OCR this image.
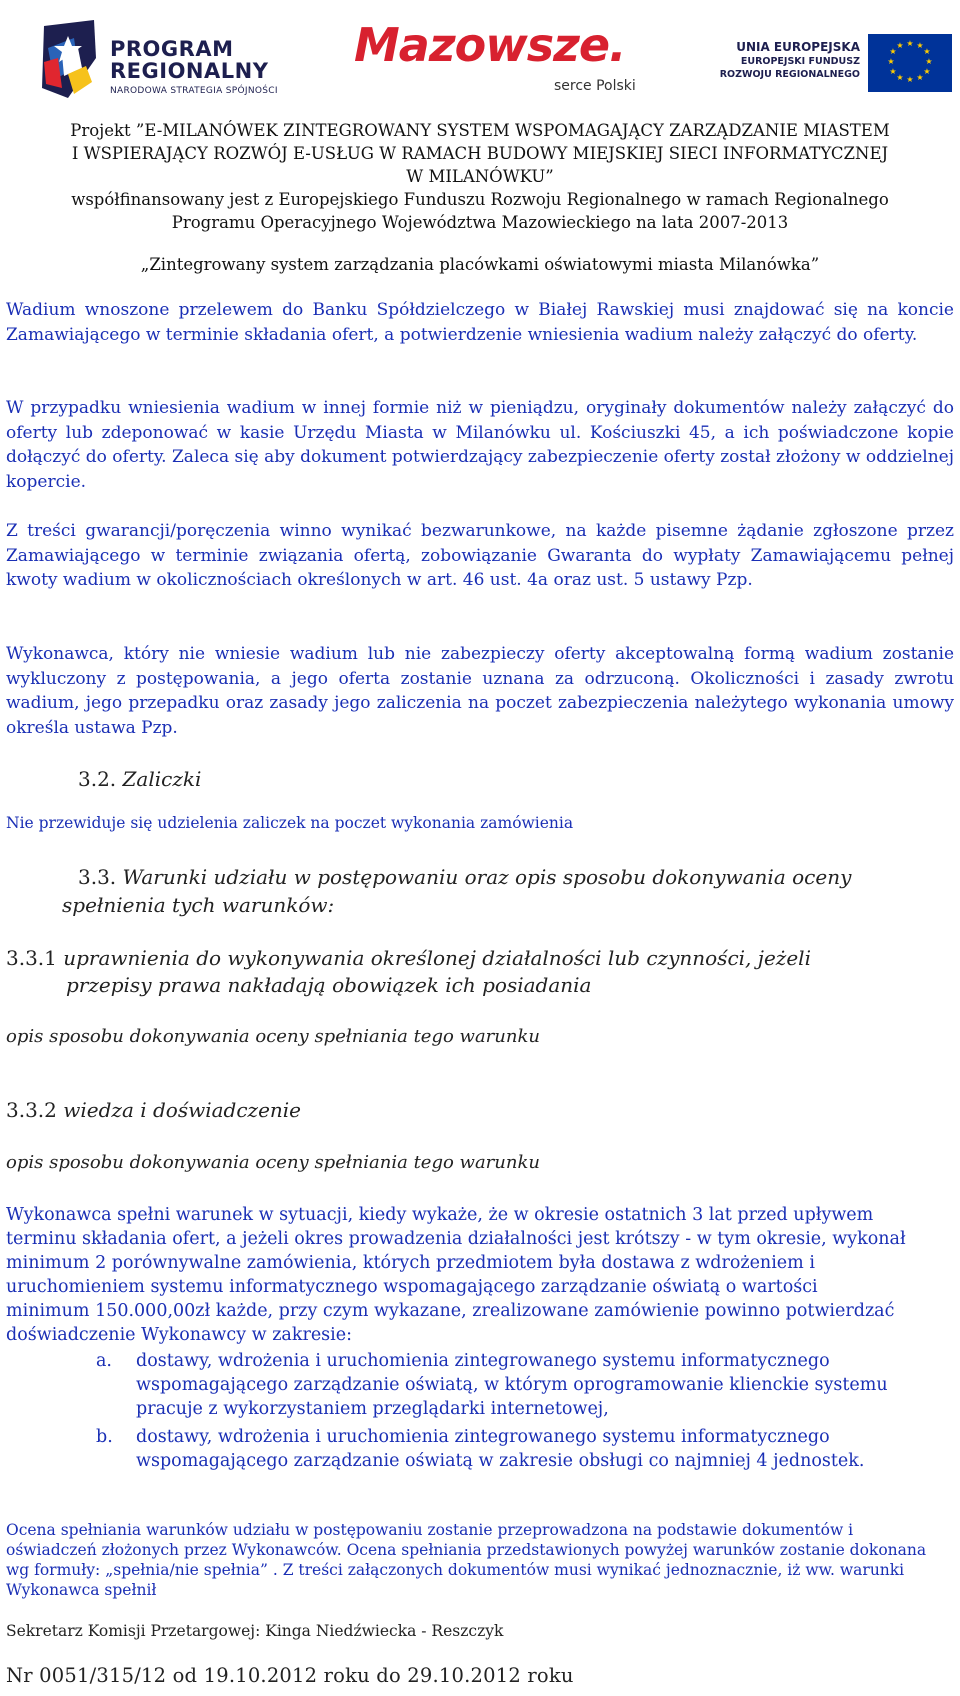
PROGRAM
REGIONALNY
NARODOWA STRATEGIA SPÓJNOŚCI
Mazowsze.
serce Polski
UNIA EUROPEJSKA
EUROPEJSKI FUNDUSZ
ROZWOJU REGIONALNEGO
★ ★
★
★
★
★
★
★
★
★
★
★
Projekt ”E-MILANÓWEK ZINTEGROWANY SYSTEM WSPOMAGAJĄCY ZARZĄDZANIE MIASTEM
I WSPIERAJĄCY ROZWÓJ E-USŁUG W RAMACH BUDOWY MIEJSKIEJ SIECI INFORMATYCZNEJ
W MILANÓWKU”
współfinansowany jest z Europejskiego Funduszu Rozwoju Regionalnego w ramach Regionalnego
Programu Operacyjnego Województwa Mazowieckiego na lata 2007-2013
„Zintegrowany system zarządzania placówkami oświatowymi miasta Milanówka”
Wadium wnoszone przelewem do Banku Spółdzielczego w Białej Rawskiej musi znajdować się na koncie Zamawiającego w terminie składania ofert, a potwierdzenie wniesienia wadium należy załączyć do oferty.
W przypadku wniesienia wadium w innej formie niż w pieniądzu, oryginały dokumentów należy załączyć do oferty lub zdeponować w kasie Urzędu Miasta w Milanówku ul. Kościuszki 45, a ich poświadczone kopie dołączyć do oferty. Zaleca się aby dokument potwierdzający zabezpieczenie oferty został złożony w oddzielnej kopercie.
Z treści gwarancji/poręczenia winno wynikać bezwarunkowe, na każde pisemne żądanie zgłoszone przez Zamawiającego w terminie związania ofertą, zobowiązanie Gwaranta do wypłaty Zamawiającemu pełnej kwoty wadium w okolicznościach określonych w art. 46 ust. 4a oraz ust. 5 ustawy Pzp.
Wykonawca, który nie wniesie wadium lub nie zabezpieczy oferty akceptowalną formą wadium zostanie wykluczony z postępowania, a jego oferta zostanie uznana za odrzuconą. Okoliczności i zasady zwrotu wadium, jego przepadku oraz zasady jego zaliczenia na poczet zabezpieczenia należytego wykonania umowy określa ustawa Pzp.
3.2. Zaliczki
Nie przewiduje się udzielenia zaliczek na poczet wykonania zamówienia
3.3. Warunki udziału w postępowaniu oraz opis sposobu dokonywania oceny
spełnienia tych warunków:
3.3.1 uprawnienia do wykonywania określonej działalności lub czynności, jeżeli
przepisy prawa nakładają obowiązek ich posiadania
opis sposobu dokonywania oceny spełniania tego warunku
3.3.2 wiedza i doświadczenie
opis sposobu dokonywania oceny spełniania tego warunku
Wykonawca spełni warunek w sytuacji, kiedy wykaże, że w okresie ostatnich 3 lat przed upływem terminu składania ofert, a jeżeli okres prowadzenia działalności jest krótszy - w tym okresie, wykonał minimum 2 porównywalne zamówienia, których przedmiotem była dostawa z wdrożeniem i uruchomieniem systemu informatycznego wspomagającego zarządzanie oświatą o wartości minimum 150.000,00zł każde, przy czym wykazane, zrealizowane zamówienie powinno potwierdzać doświadczenie Wykonawcy w zakresie:
a. dostawy, wdrożenia i uruchomienia zintegrowanego systemu informatycznego wspomagającego zarządzanie oświatą, w którym oprogramowanie klienckie systemu pracuje z wykorzystaniem przeglądarki internetowej,
b. dostawy, wdrożenia i uruchomienia zintegrowanego systemu informatycznego wspomagającego zarządzanie oświatą w zakresie obsługi co najmniej 4 jednostek.
Ocena spełniania warunków udziału w postępowaniu zostanie przeprowadzona na podstawie dokumentów i oświadczeń złożonych przez Wykonawców. Ocena spełniania przedstawionych powyżej warunków zostanie dokonana wg formuły: „spełnia/nie spełnia” . Z treści załączonych dokumentów musi wynikać jednoznacznie, iż ww. warunki Wykonawca spełnił
Sekretarz Komisji Przetargowej: Kinga Niedźwiecka - Reszczyk
Nr 0051/315/12 od 19.10.2012 roku do 29.10.2012 roku
